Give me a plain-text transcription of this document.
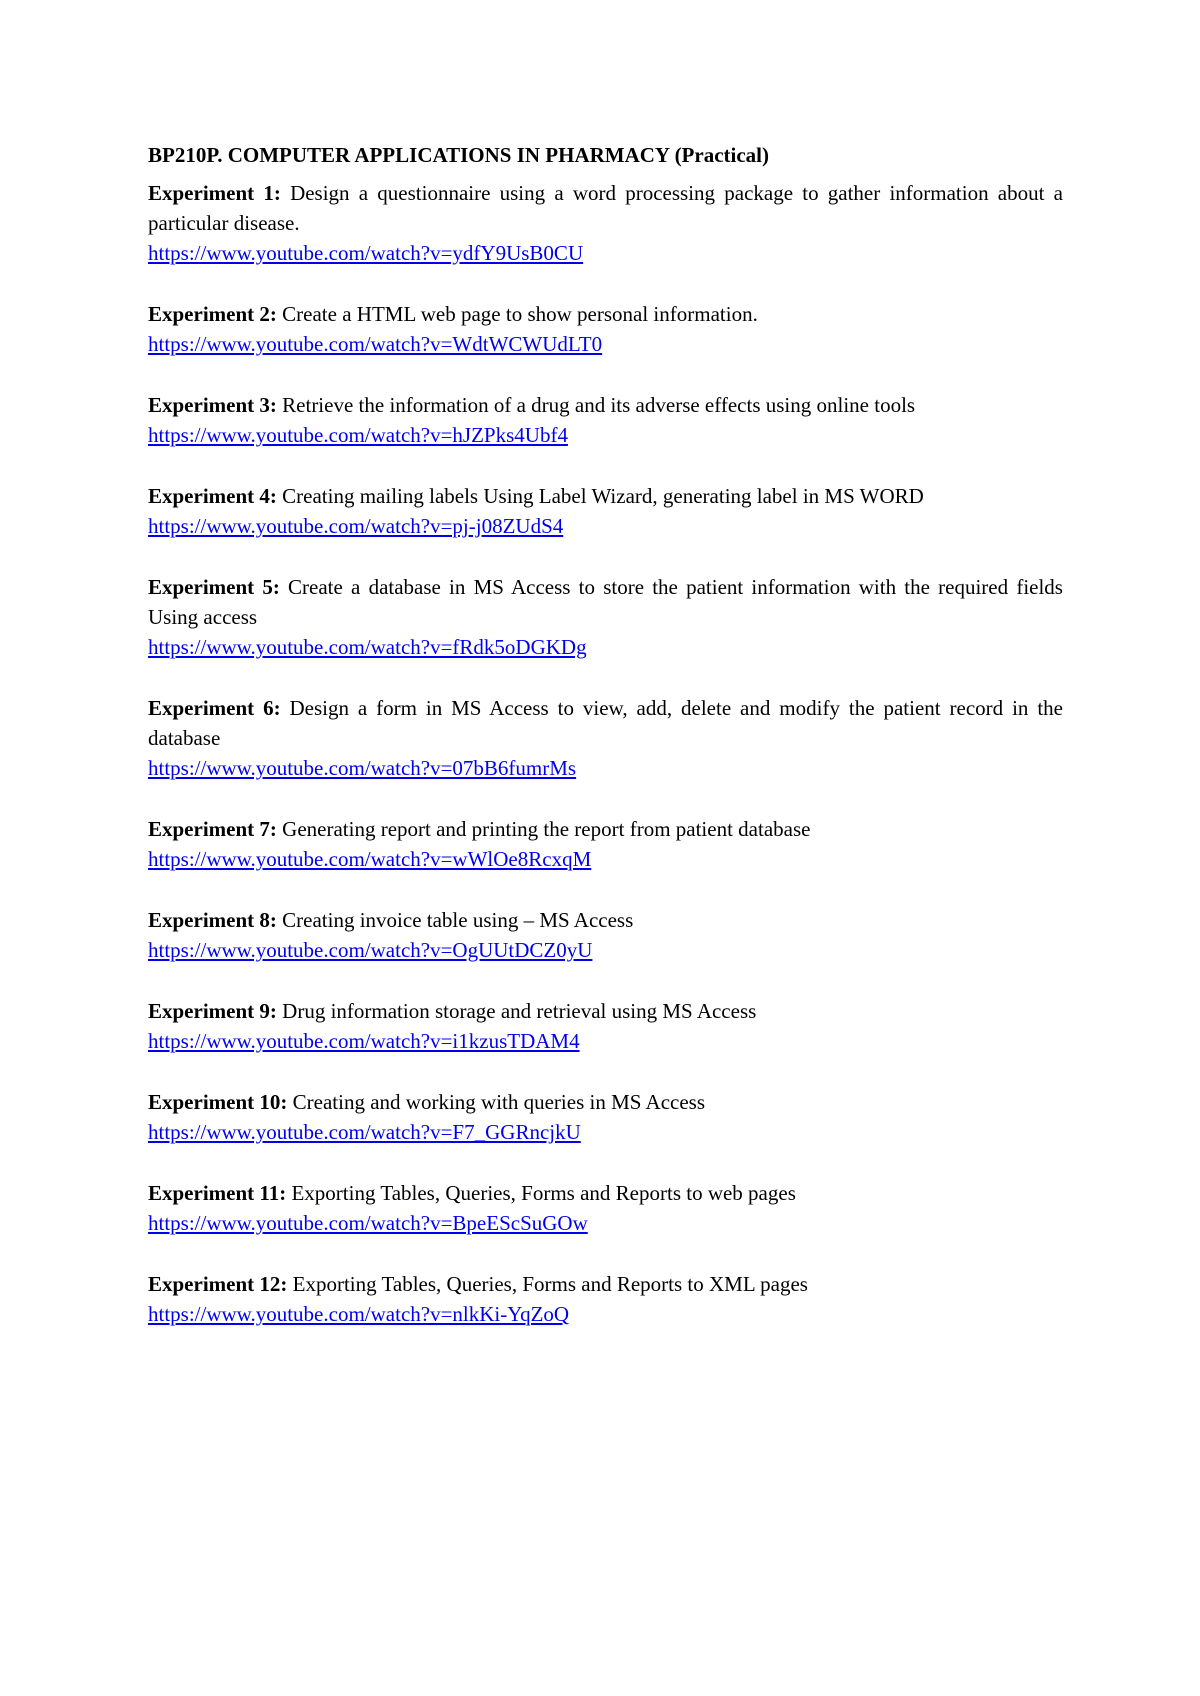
BP210P. COMPUTER APPLICATIONS IN PHARMACY (Practical)

Experiment 1: Design a questionnaire using a word processing package to gather information about a particular disease.

https://www.youtube.com/watch?v=ydfY9UsB0CU

Experiment 2: Create a HTML web page to show personal information.

https://www.youtube.com/watch?v=WdtWCWUdLT0

Experiment 3: Retrieve the information of a drug and its adverse effects using online tools

https://www.youtube.com/watch?v=hJZPks4Ubf4

Experiment 4: Creating mailing labels Using Label Wizard, generating label in MS WORD

https://www.youtube.com/watch?v=pj-j08ZUdS4

Experiment 5: Create a database in MS Access to store the patient information with the required fields Using access

https://www.youtube.com/watch?v=fRdk5oDGKDg

Experiment 6: Design a form in MS Access to view, add, delete and modify the patient record in the database

https://www.youtube.com/watch?v=07bB6fumrMs

Experiment 7: Generating report and printing the report from patient database

https://www.youtube.com/watch?v=wWlOe8RcxqM

Experiment 8: Creating invoice table using – MS Access

https://www.youtube.com/watch?v=OgUUtDCZ0yU

Experiment 9: Drug information storage and retrieval using MS Access

https://www.youtube.com/watch?v=i1kzusTDAM4

Experiment 10: Creating and working with queries in MS Access

https://www.youtube.com/watch?v=F7_GGRncjkU

Experiment 11: Exporting Tables, Queries, Forms and Reports to web pages

https://www.youtube.com/watch?v=BpeEScSuGOw

Experiment 12: Exporting Tables, Queries, Forms and Reports to XML pages

https://www.youtube.com/watch?v=nlkKi-YqZoQ
